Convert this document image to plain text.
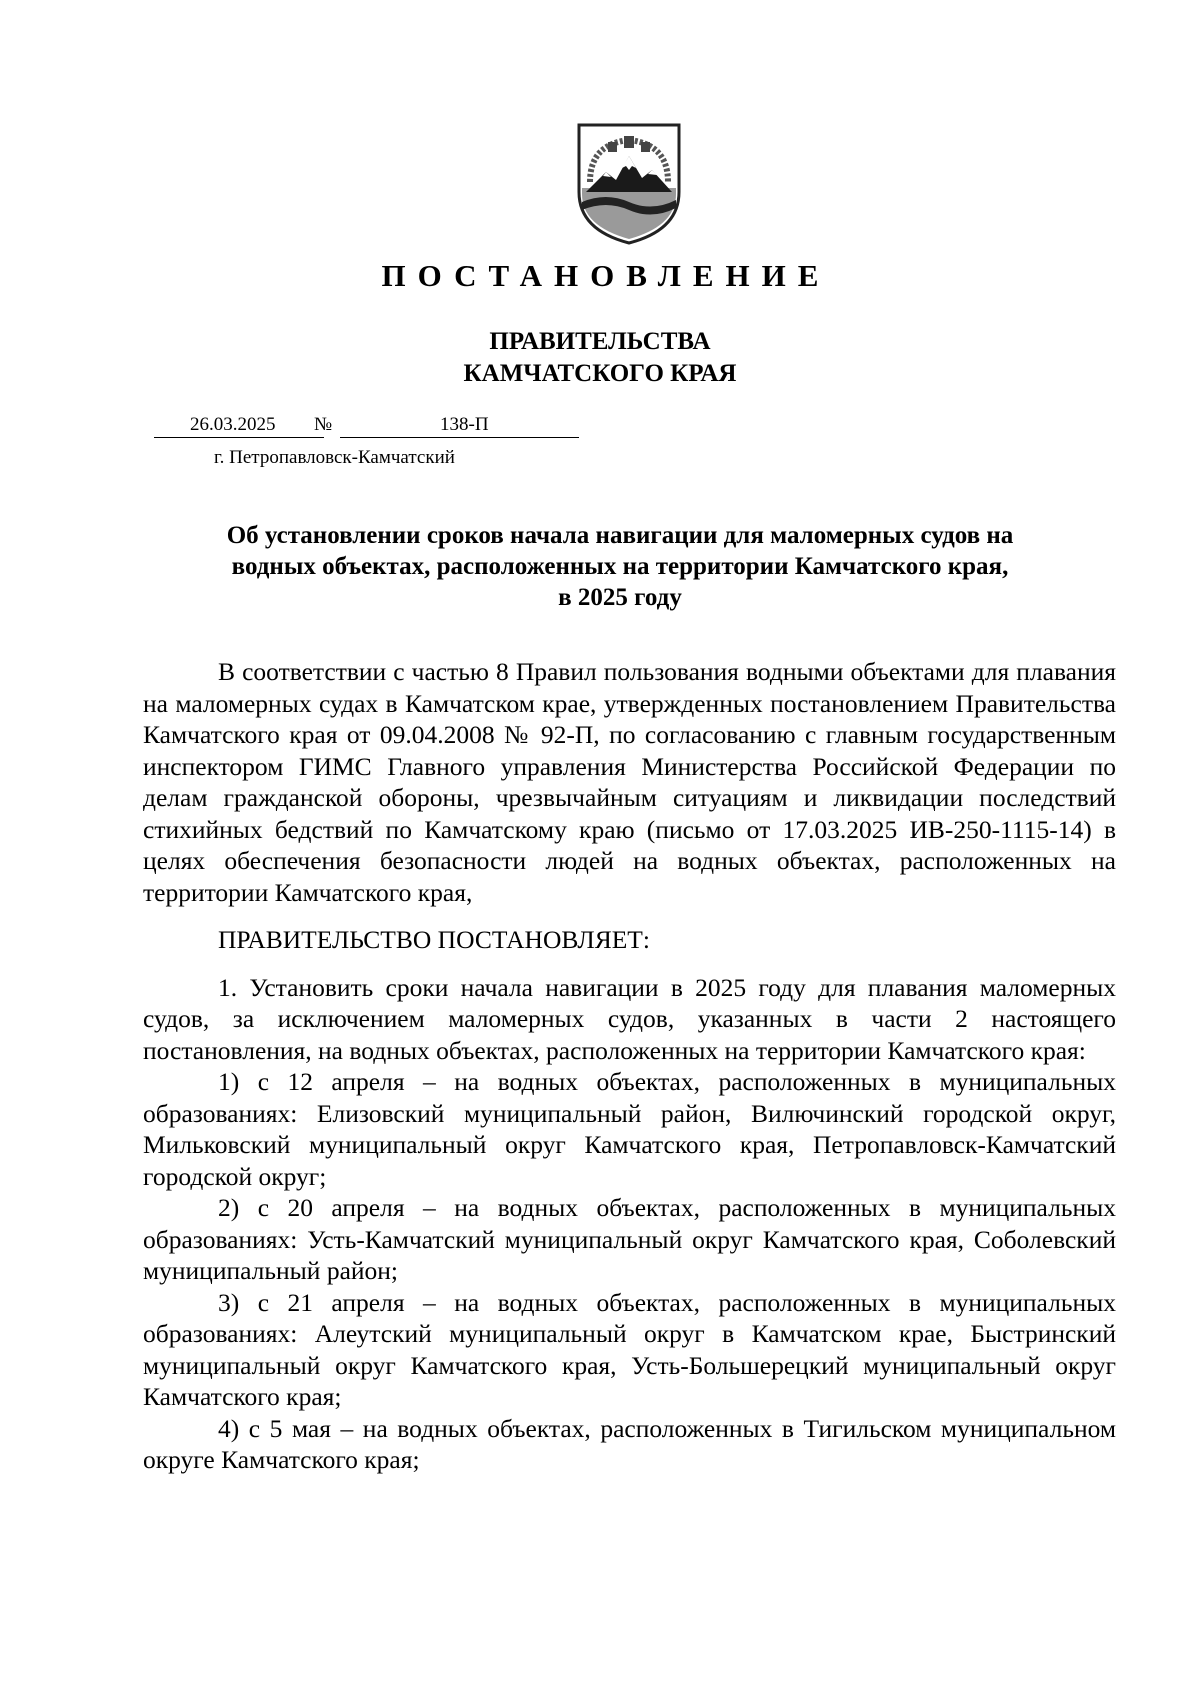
ПОСТАНОВЛЕНИЕ
ПРАВИТЕЛЬСТВА
КАМЧАТСКОГО КРАЯ
26.03.2025 №	138-П
г. Петропавловск-Камчатский
Об установлении сроков начала навигации для маломерных судов на
водных объектах, расположенных на территории Камчатского края,
в 2025 году

В соответствии с частью 8 Правил пользования водными объектами для плавания на маломерных судах в Камчатском крае, утвержденных постановлением Правительства Камчатского края от 09.04.2008 № 92-П, по согласованию с главным государственным инспектором ГИМС Главного управления Министерства Российской Федерации по делам гражданской обороны, чрезвычайным ситуациям и ликвидации последствий стихийных бедствий по Камчатскому краю (письмо от 17.03.2025 ИВ-250-1115-14) в целях обеспечения безопасности людей на водных объектах, расположенных на территории Камчатского края,

ПРАВИТЕЛЬСТВО ПОСТАНОВЛЯЕТ:

1. Установить сроки начала навигации в 2025 году для плавания маломерных судов, за исключением маломерных судов, указанных в части 2 настоящего постановления, на водных объектах, расположенных на территории Камчатского края:

1) с 12 апреля – на водных объектах, расположенных в муниципальных образованиях: Елизовский муниципальный район, Вилючинский городской округ, Мильковский муниципальный округ Камчатского края, Петропавловск-Камчатский городской округ;

2) с 20 апреля – на водных объектах, расположенных в муниципальных образованиях: Усть-Камчатский муниципальный округ Камчатского края, Соболевский муниципальный район;

3) с 21 апреля – на водных объектах, расположенных в муниципальных образованиях: Алеутский муниципальный округ в Камчатском крае, Быстринский муниципальный округ Камчатского края, Усть-Большерецкий муниципальный округ Камчатского края;

4) с 5 мая – на водных объектах, расположенных в Тигильском муниципальном округе Камчатского края;
